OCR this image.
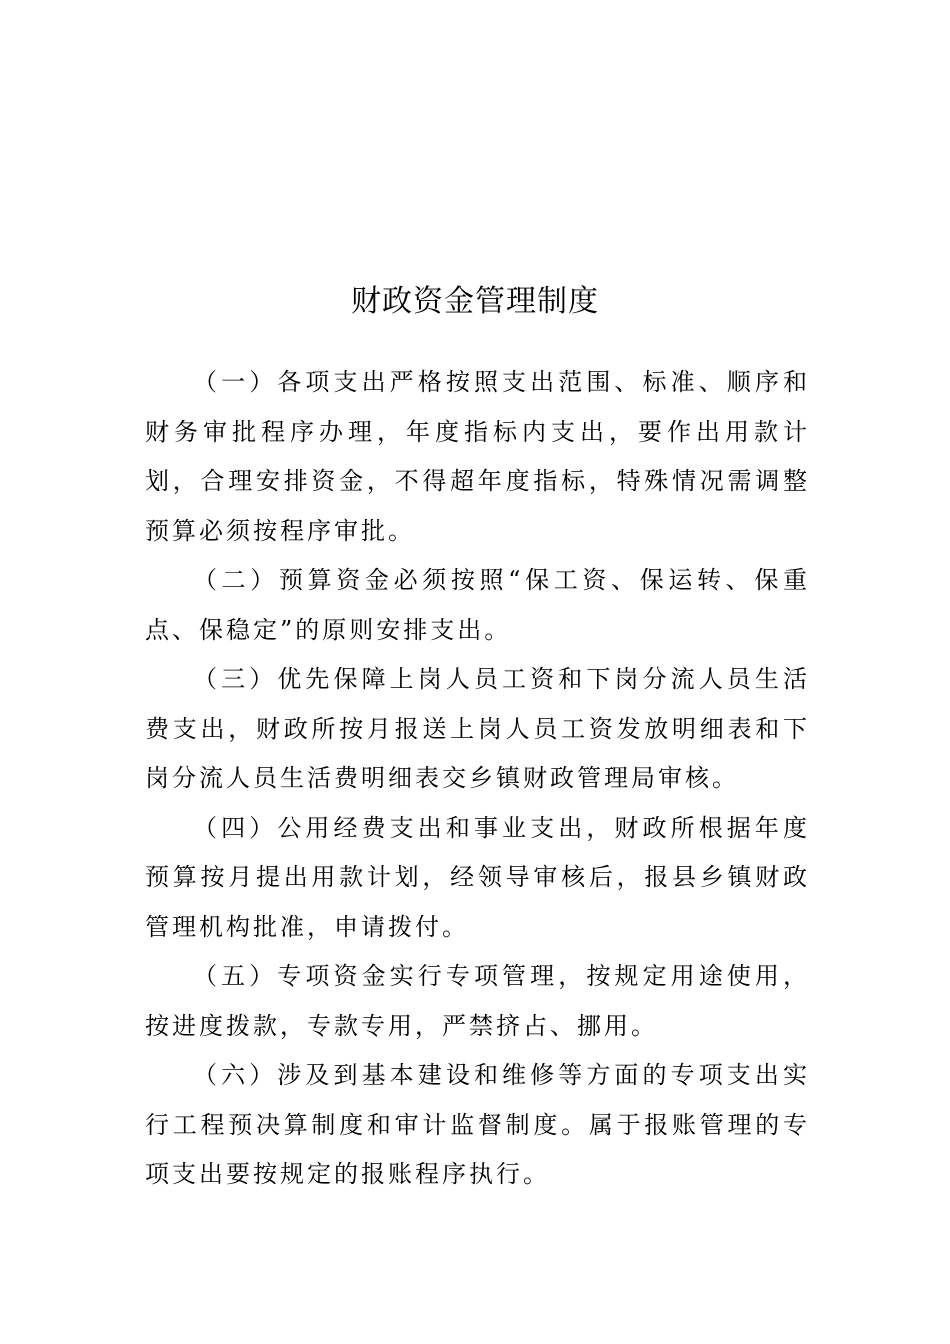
财政资金管理制度

（一）各项支出严格按照支出范围、标准、顺序和财务审批程序办理，年度指标内支出，要作出用款计划，合理安排资金，不得超年度指标，特殊情况需调整预算必须按程序审批。

（二）预算资金必须按照“保工资、保运转、保重点、保稳定”的原则安排支出。

（三）优先保障上岗人员工资和下岗分流人员生活费支出，财政所按月报送上岗人员工资发放明细表和下岗分流人员生活费明细表交乡镇财政管理局审核。

（四）公用经费支出和事业支出，财政所根据年度预算按月提出用款计划，经领导审核后，报县乡镇财政管理机构批准，申请拨付。

（五）专项资金实行专项管理，按规定用途使用，按进度拨款，专款专用，严禁挤占、挪用。

（六）涉及到基本建设和维修等方面的专项支出实行工程预决算制度和审计监督制度。属于报账管理的专项支出要按规定的报账程序执行。
